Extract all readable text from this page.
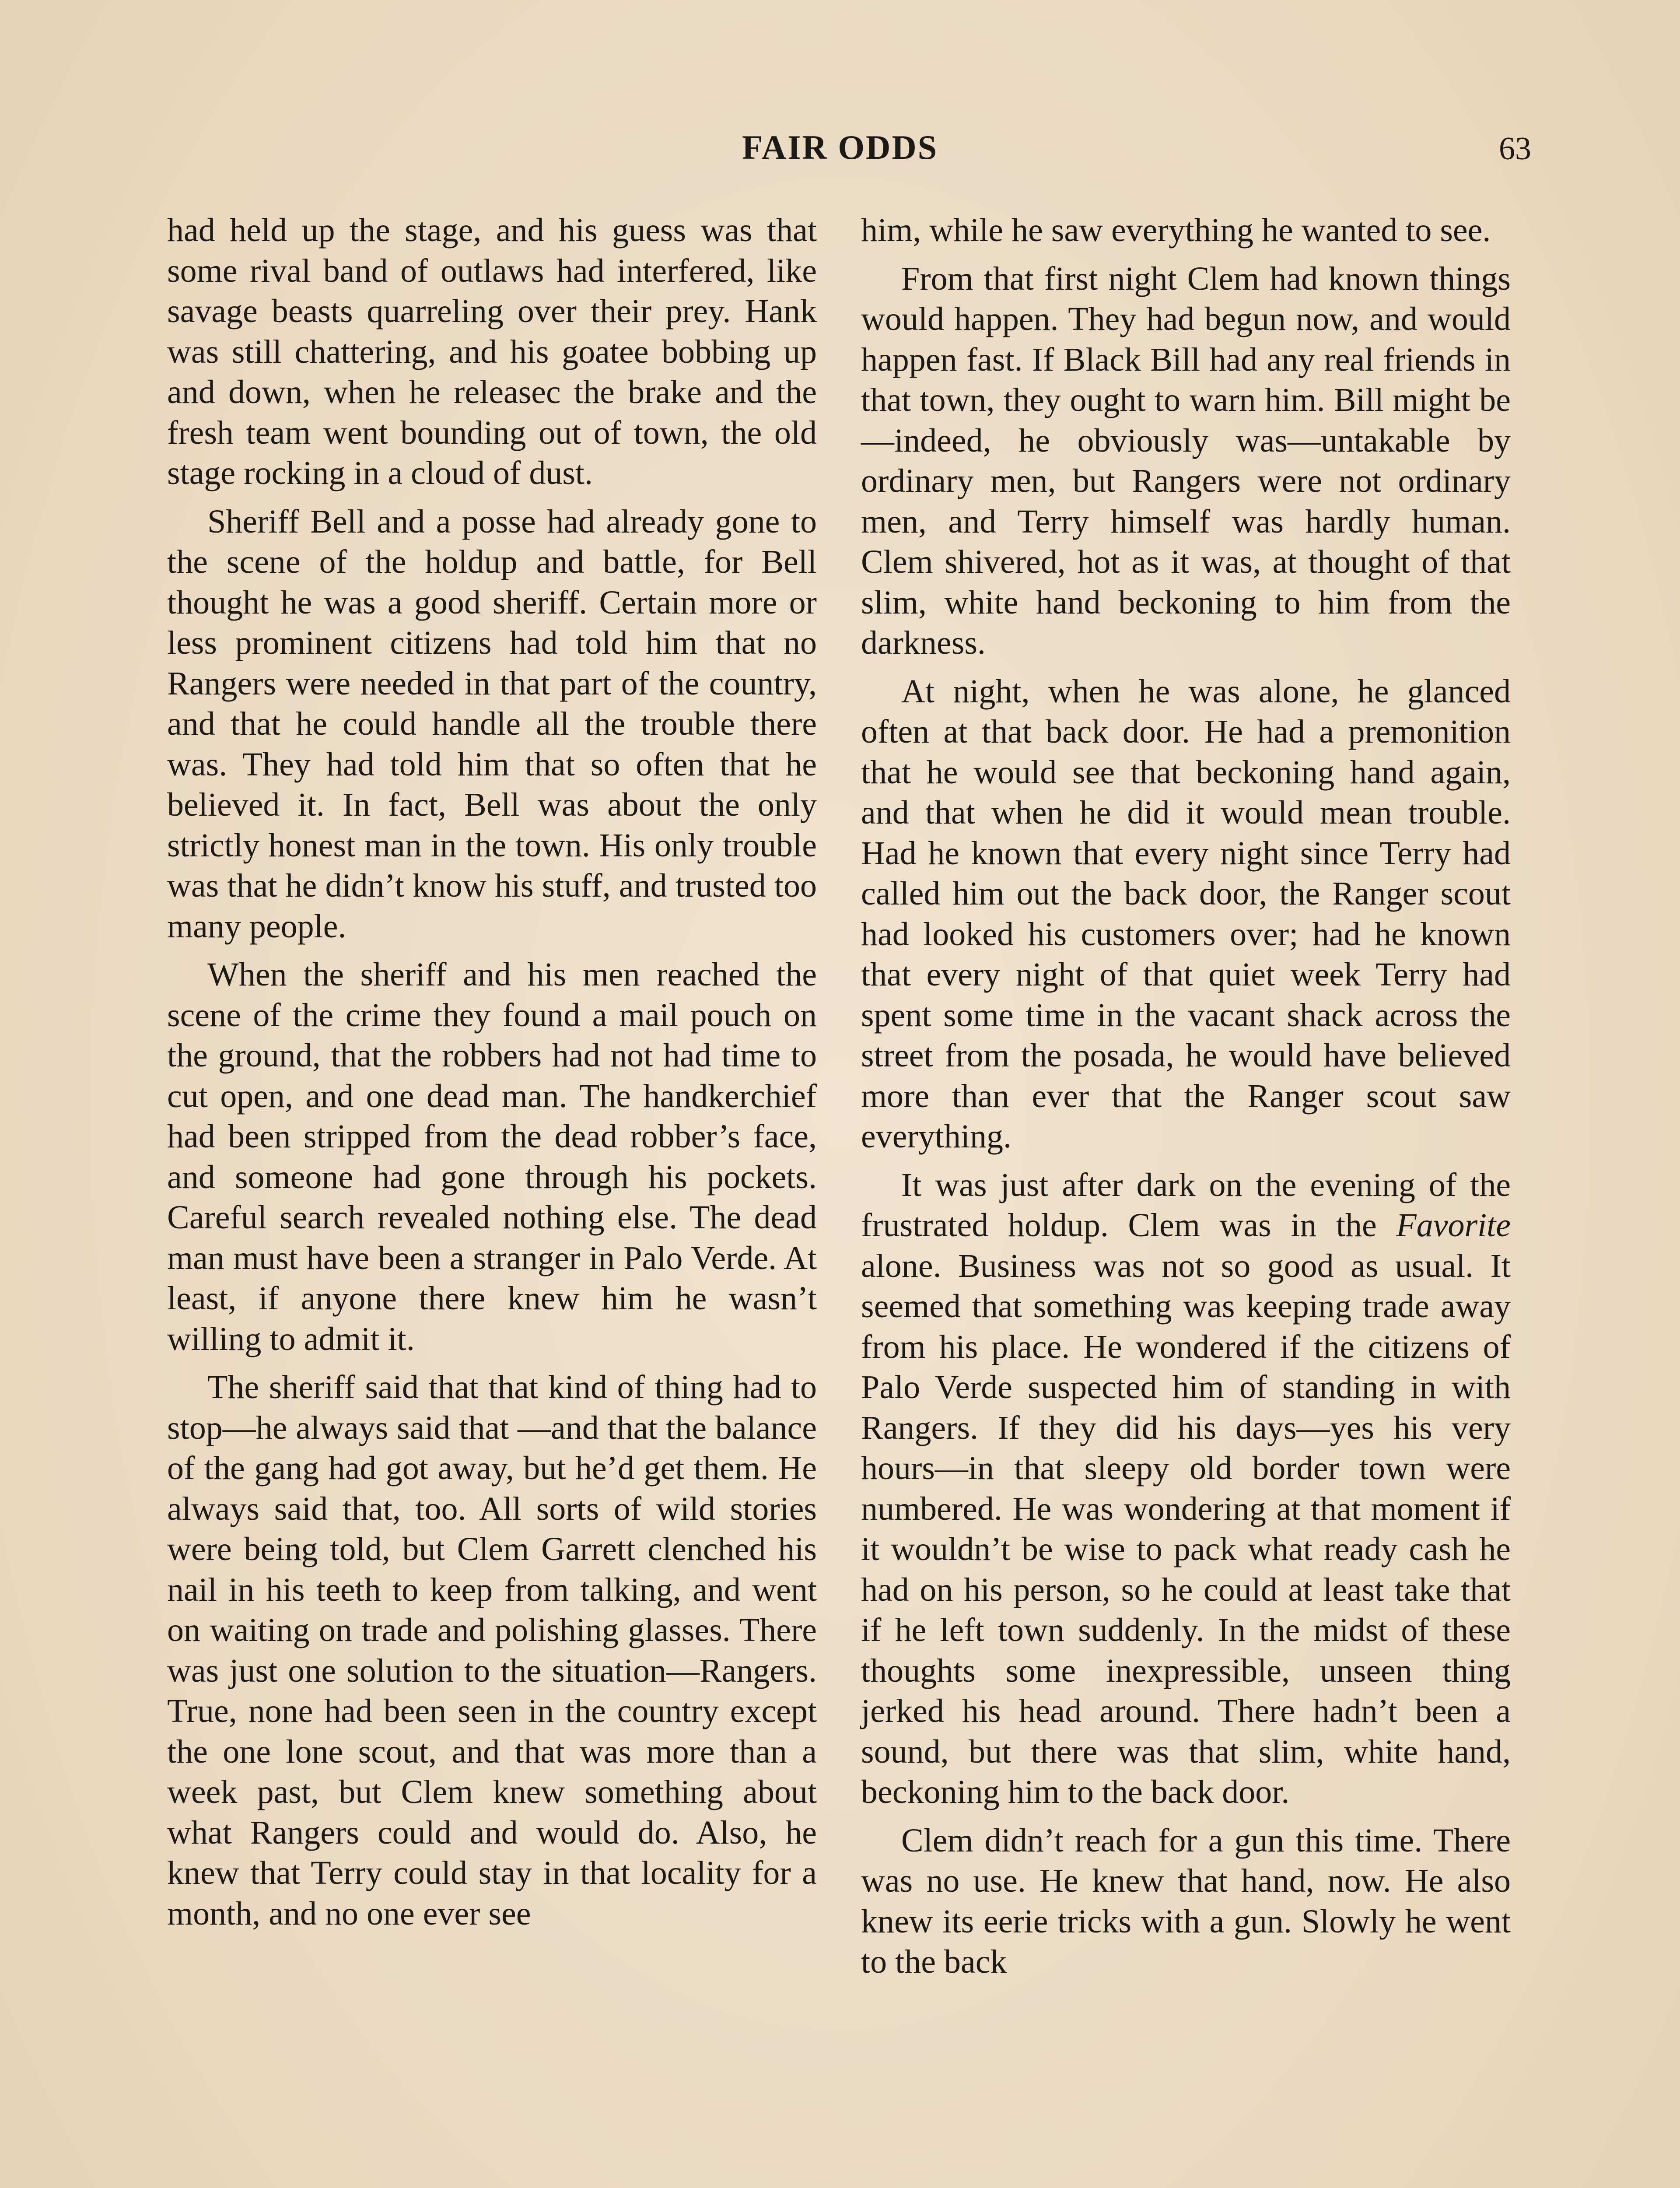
FAIR ODDS	63

had held up the stage, and his guess was that some rival band of outlaws had interfered, like savage beasts quarreling over their prey. Hank was still chattering, and his goatee bobbing up and down, when he releasec the brake and the fresh team went bounding out of town, the old stage rocking in a cloud of dust.

Sheriff Bell and a posse had already gone to the scene of the holdup and battle, for Bell thought he was a good sheriff. Certain more or less prominent citizens had told him that no Rangers were needed in that part of the country, and that he could handle all the trouble there was. They had told him that so often that he believed it. In fact, Bell was about the only strictly honest man in the town. His only trouble was that he didn’t know his stuff, and trusted too many people.

When the sheriff and his men reached the scene of the crime they found a mail pouch on the ground, that the robbers had not had time to cut open, and one dead man. The handkerchief had been stripped from the dead robber’s face, and someone had gone through his pockets. Careful search revealed nothing else. The dead man must have been a stranger in Palo Verde. At least, if anyone there knew him he wasn’t willing to admit it.

The sheriff said that that kind of thing had to stop—he always said that —and that the balance of the gang had got away, but he’d get them. He always said that, too. All sorts of wild stories were being told, but Clem Garrett clenched his nail in his teeth to keep from talking, and went on waiting on trade and polishing glasses. There was just one solution to the situation—Rangers. True, none had been seen in the country except the one lone scout, and that was more than a week past, but Clem knew something about what Rangers could and would do. Also, he knew that Terry could stay in that locality for a month, and no one ever see

him, while he saw everything he wanted to see.

From that first night Clem had known things would happen. They had begun now, and would happen fast. If Black Bill had any real friends in that town, they ought to warn him. Bill might be—indeed, he obviously was—untakable by ordinary men, but Rangers were not ordinary men, and Terry himself was hardly human. Clem shivered, hot as it was, at thought of that slim, white hand beckoning to him from the darkness.

At night, when he was alone, he glanced often at that back door. He had a premonition that he would see that beckoning hand again, and that when he did it would mean trouble. Had he known that every night since Terry had called him out the back door, the Ranger scout had looked his customers over; had he known that every night of that quiet week Terry had spent some time in the vacant shack across the street from the posada, he would have believed more than ever that the Ranger scout saw everything.

It was just after dark on the evening of the frustrated holdup. Clem was in the Favorite alone. Business was not so good as usual. It seemed that something was keeping trade away from his place. He wondered if the citizens of Palo Verde suspected him of standing in with Rangers. If they did his days—yes his very hours—in that sleepy old border town were numbered. He was wondering at that moment if it wouldn’t be wise to pack what ready cash he had on his person, so he could at least take that if he left town suddenly. In the midst of these thoughts some inexpressible, unseen thing jerked his head around. There hadn’t been a sound, but there was that slim, white hand, beckoning him to the back door.

Clem didn’t reach for a gun this time. There was no use. He knew that hand, now. He also knew its eerie tricks with a gun. Slowly he went to the back
